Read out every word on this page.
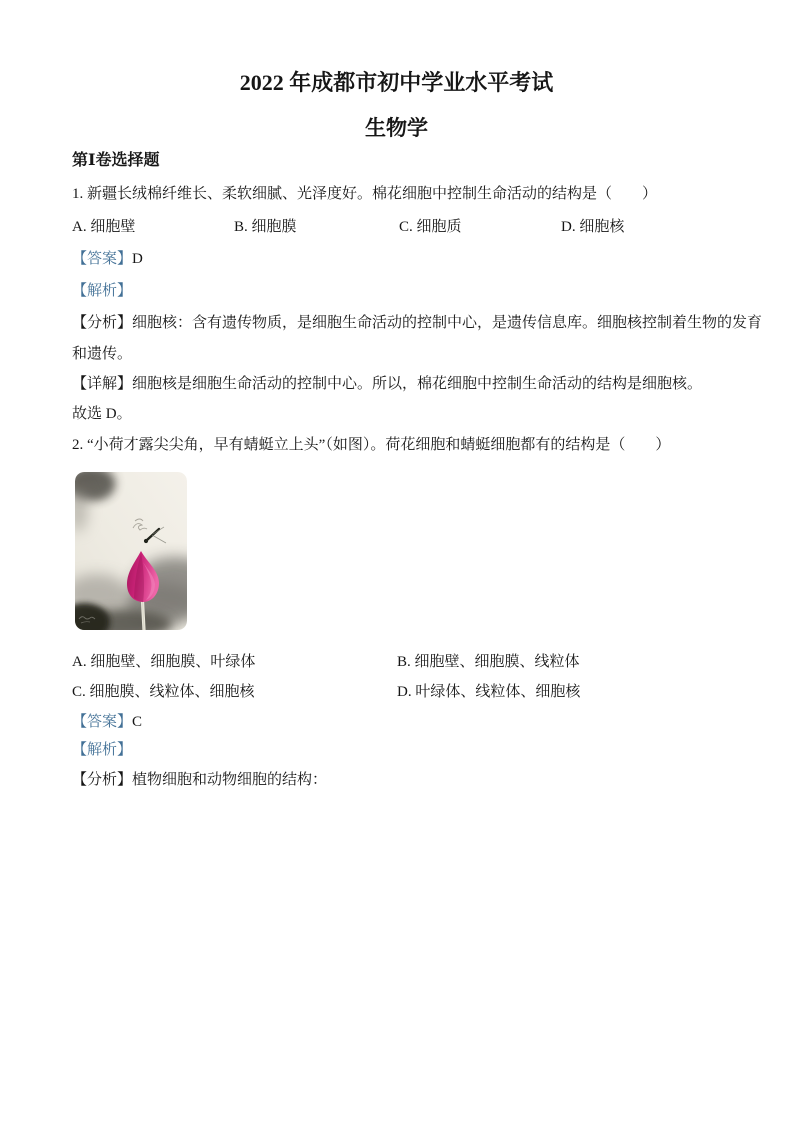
2022 年成都市初中学业水平考试
生物学
第Ⅰ卷选择题
1. 新疆长绒棉纤维长、柔软细腻、光泽度好。棉花细胞中控制生命活动的结构是（　　）
A. 细胞壁	B. 细胞膜	C. 细胞质	D. 细胞核
【答案】D
【解析】
【分析】细胞核：含有遗传物质，是细胞生命活动的控制中心，是遗传信息库。细胞核控制着生物的发育
和遗传。
【详解】细胞核是细胞生命活动的控制中心。所以，棉花细胞中控制生命活动的结构是细胞核。
故选 D。
2. “小荷才露尖尖角，早有蜻蜓立上头”（如图）。荷花细胞和蜻蜓细胞都有的结构是（　　）
A. 细胞壁、细胞膜、叶绿体	B. 细胞壁、细胞膜、线粒体
C. 细胞膜、线粒体、细胞核	D. 叶绿体、线粒体、细胞核
【答案】C
【解析】
【分析】植物细胞和动物细胞的结构：
